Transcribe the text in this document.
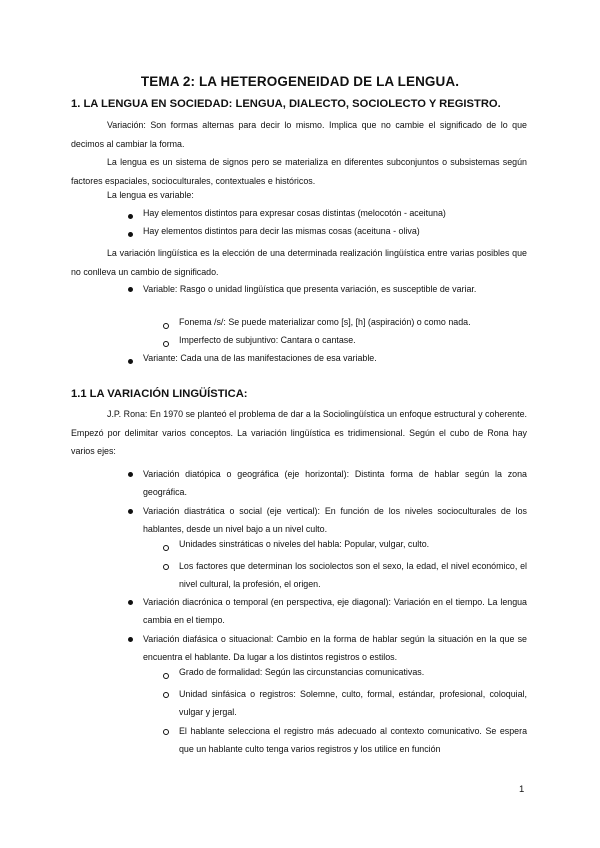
TEMA 2: LA HETEROGENEIDAD DE LA LENGUA.
1. LA LENGUA EN SOCIEDAD: LENGUA, DIALECTO, SOCIOLECTO Y REGISTRO.
Variación: Son formas alternas para decir lo mismo. Implica que no cambie el significado de lo que decimos al cambiar la forma.
La lengua es un sistema de signos pero se materializa en diferentes subconjuntos o subsistemas según factores espaciales, socioculturales, contextuales e históricos.
La lengua es variable:
Hay elementos distintos para expresar cosas distintas (melocotón - aceituna)
Hay elementos distintos para decir las mismas cosas (aceituna - oliva)
La variación lingüística es la elección de una determinada realización lingüística entre varias posibles que no conlleva un cambio de significado.
Variable: Rasgo o unidad lingüística que presenta variación, es susceptible de variar.
Fonema /s/: Se puede materializar como [s], [h] (aspiración) o como nada.
Imperfecto de subjuntivo: Cantara o cantase.
Variante: Cada una de las manifestaciones de esa variable.
1.1 LA VARIACIÓN LINGÜÍSTICA:
J.P. Rona: En 1970 se planteó el problema de dar a la Sociolingüística un enfoque estructural y coherente. Empezó por delimitar varios conceptos. La variación lingüística es tridimensional. Según el cubo de Rona hay varios ejes:
Variación diatópica o geográfica (eje horizontal): Distinta forma de hablar según la zona geográfica.
Variación diastrática o social (eje vertical): En función de los niveles socioculturales de los hablantes, desde un nivel bajo a un nivel culto.
Unidades sinstráticas o niveles del habla: Popular, vulgar, culto.
Los factores que determinan los sociolectos son el sexo, la edad, el nivel económico, el nivel cultural, la profesión, el origen.
Variación diacrónica o temporal (en perspectiva, eje diagonal): Variación en el tiempo. La lengua cambia en el tiempo.
Variación diafásica o situacional: Cambio en la forma de hablar según la situación en la que se encuentra el hablante. Da lugar a los distintos registros o estilos.
Grado de formalidad: Según las circunstancias comunicativas.
Unidad sinfásica o registros: Solemne, culto, formal, estándar, profesional, coloquial, vulgar y jergal.
El hablante selecciona el registro más adecuado al contexto comunicativo. Se espera que un hablante culto tenga varios registros y los utilice en función
1
